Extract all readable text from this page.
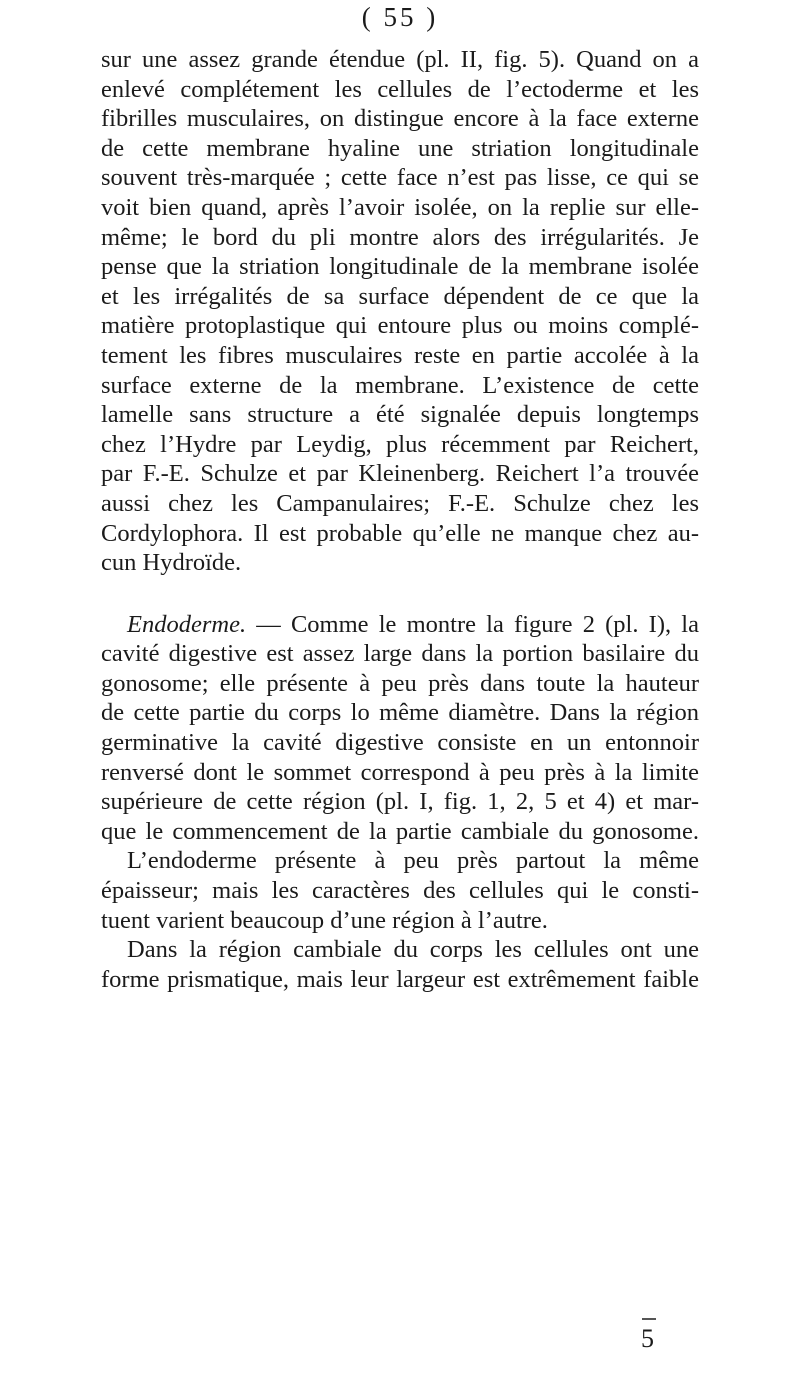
( 55 )
sur une assez grande étendue (pl. II, fig. 5). Quand on a
enlevé complétement les cellules de l’ectoderme et les
fibrilles musculaires, on distingue encore à la face externe
de cette membrane hyaline une striation longitudinale
souvent très-marquée ; cette face n’est pas lisse, ce qui se
voit bien quand, après l’avoir isolée, on la replie sur elle-
même; le bord du pli montre alors des irrégularités. Je
pense que la striation longitudinale de la membrane isolée
et les irrégalités de sa surface dépendent de ce que la
matière protoplastique qui entoure plus ou moins complé-
tement les fibres musculaires reste en partie accolée à la
surface externe de la membrane. L’existence de cette
lamelle sans structure a été signalée depuis longtemps
chez l’Hydre par Leydig, plus récemment par Reichert,
par F.-E. Schulze et par Kleinenberg. Reichert l’a trouvée
aussi chez les Campanulaires; F.-E. Schulze chez les
Cordylophora. Il est probable qu’elle ne manque chez au-
cun Hydroïde.
Endoderme. — Comme le montre la figure 2 (pl. I), la
cavité digestive est assez large dans la portion basilaire du
gonosome; elle présente à peu près dans toute la hauteur
de cette partie du corps lo même diamètre. Dans la région
germinative la cavité digestive consiste en un entonnoir
renversé dont le sommet correspond à peu près à la limite
supérieure de cette région (pl. I, fig. 1, 2, 5 et 4) et mar-
que le commencement de la partie cambiale du gonosome.
L’endoderme présente à peu près partout la même
épaisseur; mais les caractères des cellules qui le consti-
tuent varient beaucoup d’une région à l’autre.
Dans la région cambiale du corps les cellules ont une
forme prismatique, mais leur largeur est extrêmement faible
5
